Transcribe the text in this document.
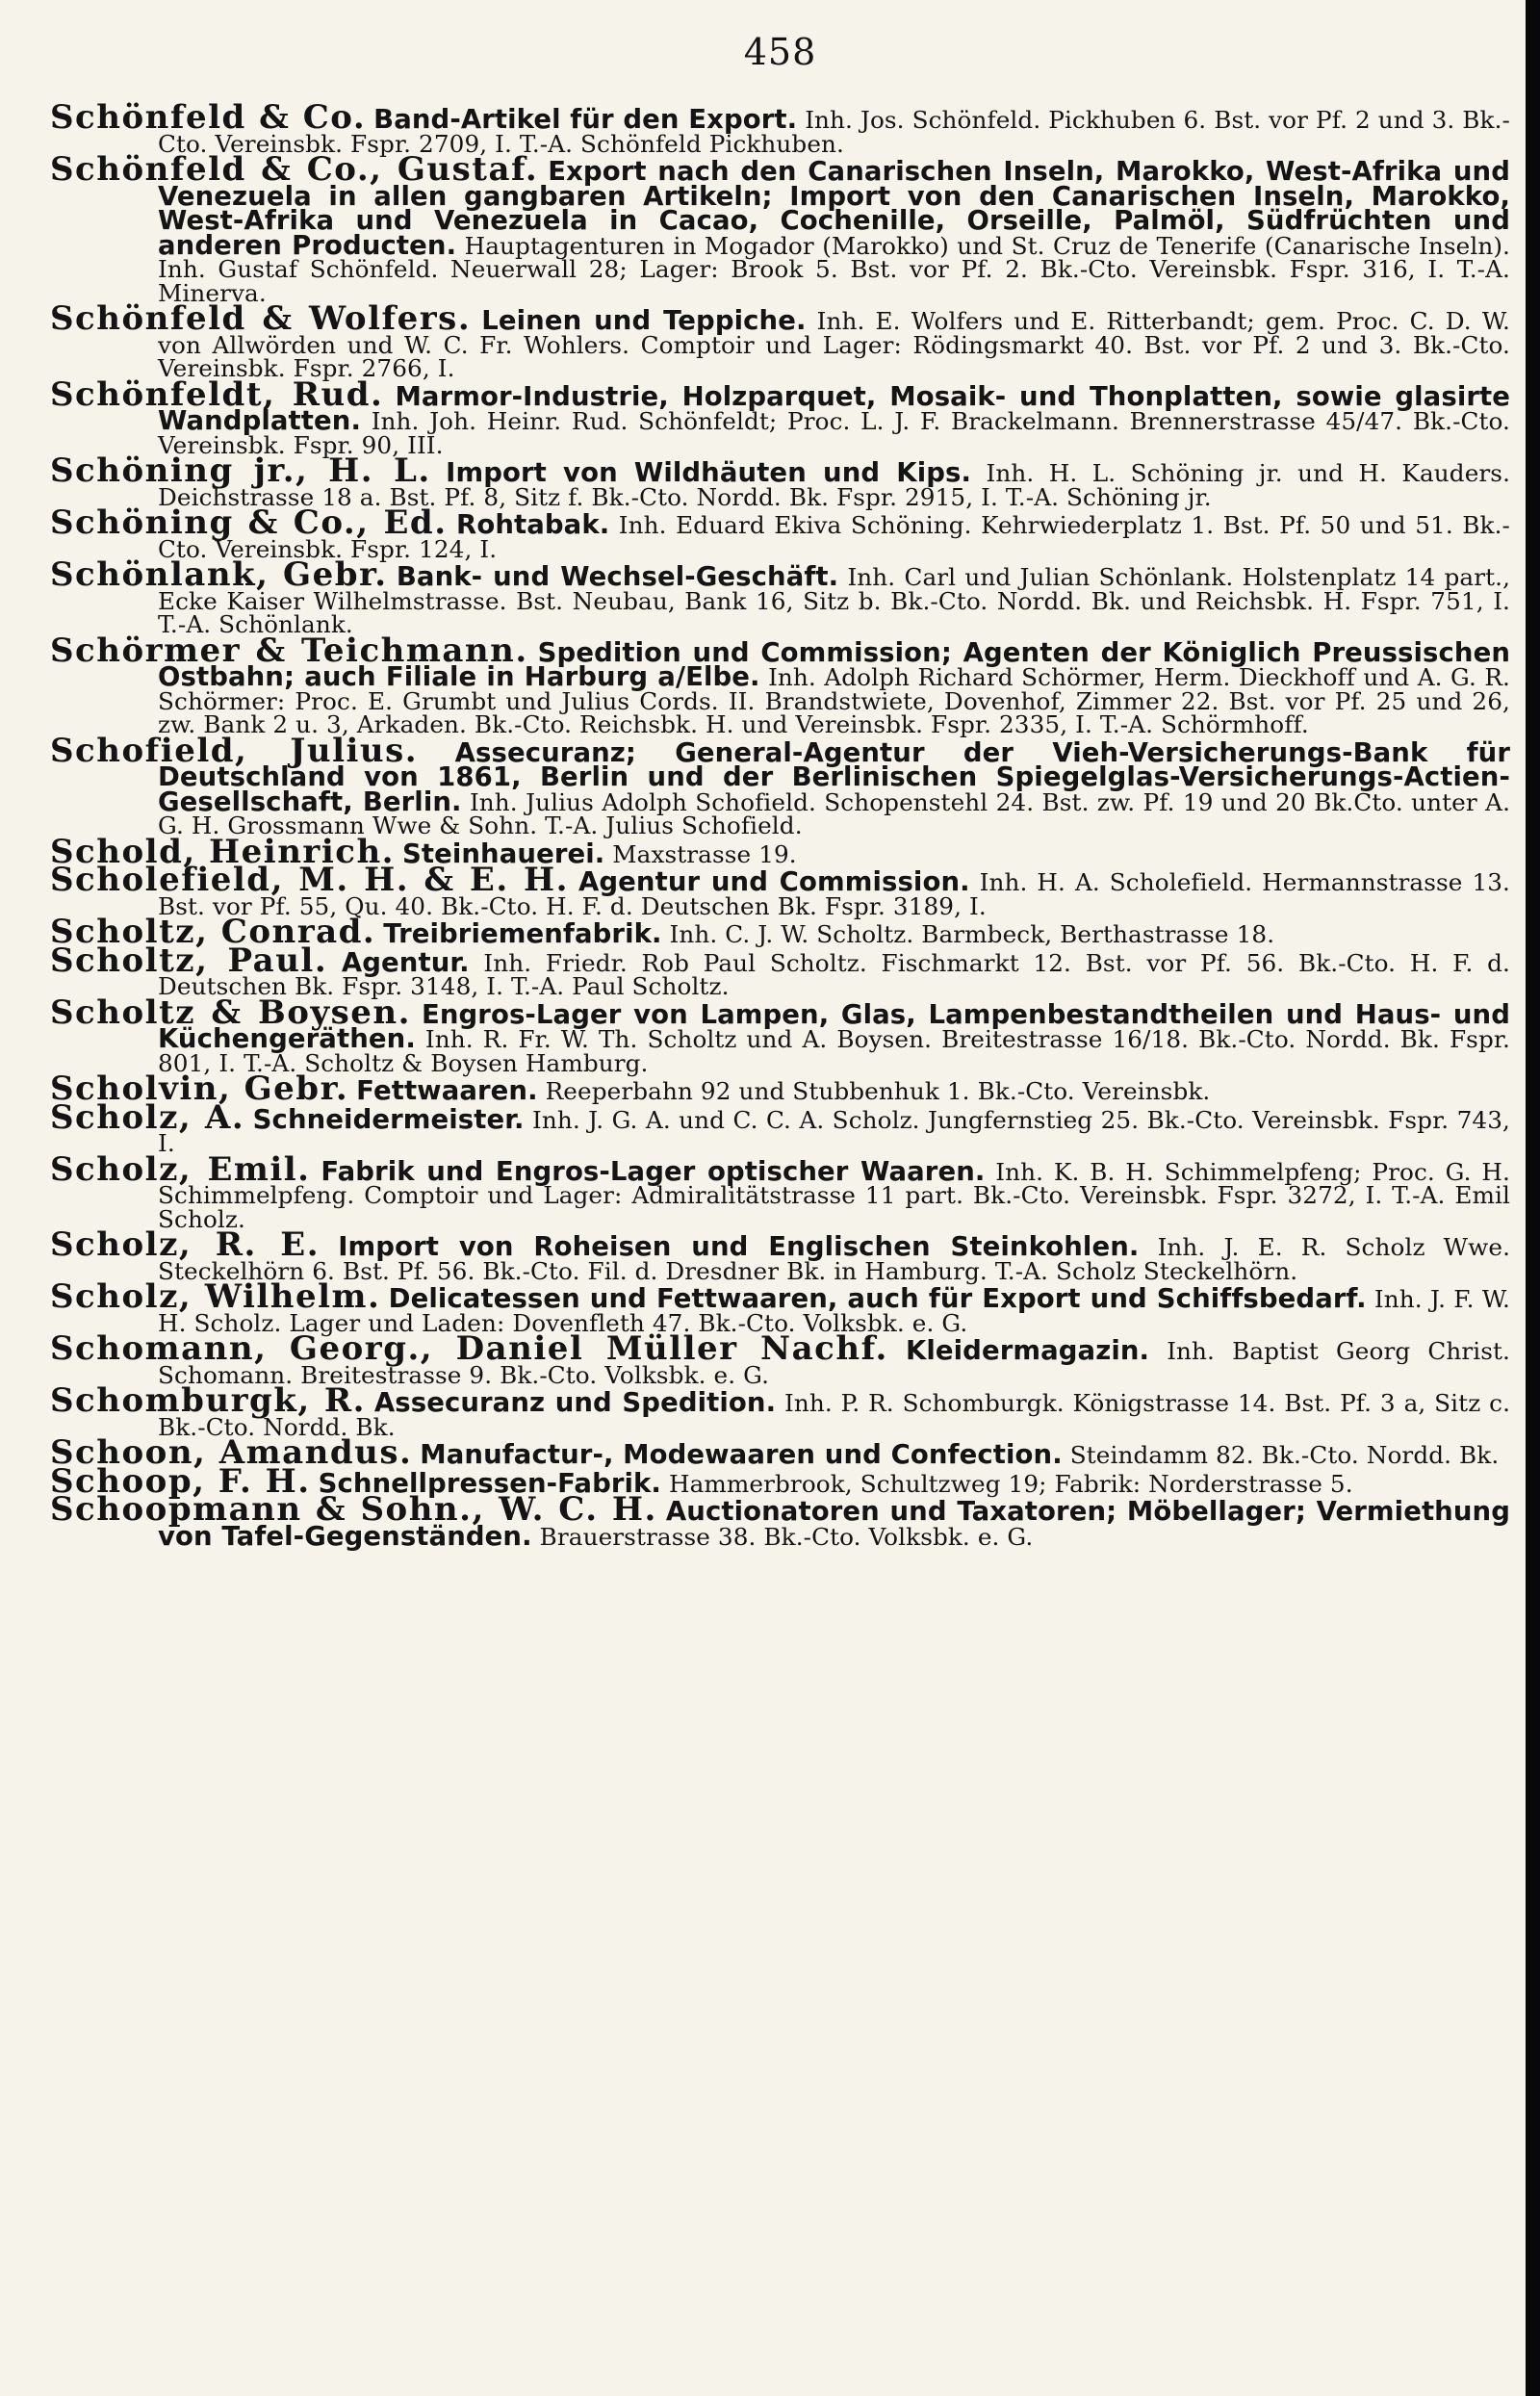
458

Schönfeld & Co. Band-Artikel für den Export. Inh. Jos. Schönfeld. Pickhuben 6. Bst. vor Pf. 2 und 3. Bk.-Cto. Vereinsbk. Fspr. 2709, I. T.-A. Schönfeld Pickhuben.

Schönfeld & Co., Gustaf. Export nach den Canarischen Inseln, Marokko, West-Afrika und Venezuela in allen gangbaren Artikeln; Import von den Canarischen Inseln, Marokko, West-Afrika und Venezuela in Cacao, Cochenille, Orseille, Palmöl, Südfrüchten und anderen Producten. Hauptagenturen in Mogador (Marokko) und St. Cruz de Tenerife (Canarische Inseln). Inh. Gustaf Schönfeld. Neuerwall 28; Lager: Brook 5. Bst. vor Pf. 2. Bk.-Cto. Vereinsbk. Fspr. 316, I. T.-A. Minerva.

Schönfeld & Wolfers. Leinen und Teppiche. Inh. E. Wolfers und E. Ritterbandt; gem. Proc. C. D. W. von Allwörden und W. C. Fr. Wohlers. Comptoir und Lager: Rödingsmarkt 40. Bst. vor Pf. 2 und 3. Bk.-Cto. Vereinsbk. Fspr. 2766, I.

Schönfeldt, Rud. Marmor-Industrie, Holzparquet, Mosaik- und Thonplatten, sowie glasirte Wandplatten. Inh. Joh. Heinr. Rud. Schönfeldt; Proc. L. J. F. Brackelmann. Brennerstrasse 45/47. Bk.-Cto. Vereinsbk. Fspr. 90, III.

Schöning jr., H. L. Import von Wildhäuten und Kips. Inh. H. L. Schöning jr. und H. Kauders. Deichstrasse 18 a. Bst. Pf. 8, Sitz f. Bk.-Cto. Nordd. Bk. Fspr. 2915, I. T.-A. Schöning jr.

Schöning & Co., Ed. Rohtabak. Inh. Eduard Ekiva Schöning. Kehrwiederplatz 1. Bst. Pf. 50 und 51. Bk.-Cto. Vereinsbk. Fspr. 124, I.

Schönlank, Gebr. Bank- und Wechsel-Geschäft. Inh. Carl und Julian Schönlank. Holstenplatz 14 part., Ecke Kaiser Wilhelmstrasse. Bst. Neubau, Bank 16, Sitz b. Bk.-Cto. Nordd. Bk. und Reichsbk. H. Fspr. 751, I. T.-A. Schönlank.

Schörmer & Teichmann. Spedition und Commission; Agenten der Königlich Preussischen Ostbahn; auch Filiale in Harburg a/Elbe. Inh. Adolph Richard Schörmer, Herm. Dieckhoff und A. G. R. Schörmer: Proc. E. Grumbt und Julius Cords. II. Brandstwiete, Dovenhof, Zimmer 22. Bst. vor Pf. 25 und 26, zw. Bank 2 u. 3, Arkaden. Bk.-Cto. Reichsbk. H. und Vereinsbk. Fspr. 2335, I. T.-A. Schörmhoff.

Schofield, Julius. Assecuranz; General-Agentur der Vieh-Versicherungs-Bank für Deutschland von 1861, Berlin und der Berlinischen Spiegelglas-Versicherungs-Actien-Gesellschaft, Berlin. Inh. Julius Adolph Schofield. Schopenstehl 24. Bst. zw. Pf. 19 und 20 Bk.Cto. unter A. G. H. Grossmann Wwe & Sohn. T.-A. Julius Schofield.

Schold, Heinrich. Steinhauerei. Maxstrasse 19.

Scholefield, M. H. & E. H. Agentur und Commission. Inh. H. A. Scholefield. Hermannstrasse 13. Bst. vor Pf. 55, Qu. 40. Bk.-Cto. H. F. d. Deutschen Bk. Fspr. 3189, I.

Scholtz, Conrad. Treibriemenfabrik. Inh. C. J. W. Scholtz. Barmbeck, Berthastrasse 18.

Scholtz, Paul. Agentur. Inh. Friedr. Rob Paul Scholtz. Fischmarkt 12. Bst. vor Pf. 56. Bk.-Cto. H. F. d. Deutschen Bk. Fspr. 3148, I. T.-A. Paul Scholtz.

Scholtz & Boysen. Engros-Lager von Lampen, Glas, Lampenbestandtheilen und Haus- und Küchengeräthen. Inh. R. Fr. W. Th. Scholtz und A. Boysen. Breitestrasse 16/18. Bk.-Cto. Nordd. Bk. Fspr. 801, I. T.-A. Scholtz & Boysen Hamburg.

Scholvin, Gebr. Fettwaaren. Reeperbahn 92 und Stubbenhuk 1. Bk.-Cto. Vereinsbk.

Scholz, A. Schneidermeister. Inh. J. G. A. und C. C. A. Scholz. Jungfernstieg 25. Bk.-Cto. Vereinsbk. Fspr. 743, I.

Scholz, Emil. Fabrik und Engros-Lager optischer Waaren. Inh. K. B. H. Schimmelpfeng; Proc. G. H. Schimmelpfeng. Comptoir und Lager: Admiralitätstrasse 11 part. Bk.-Cto. Vereinsbk. Fspr. 3272, I. T.-A. Emil Scholz.

Scholz, R. E. Import von Roheisen und Englischen Steinkohlen. Inh. J. E. R. Scholz Wwe. Steckelhörn 6. Bst. Pf. 56. Bk.-Cto. Fil. d. Dresdner Bk. in Hamburg. T.-A. Scholz Steckelhörn.

Scholz, Wilhelm. Delicatessen und Fettwaaren, auch für Export und Schiffsbedarf. Inh. J. F. W. H. Scholz. Lager und Laden: Dovenfleth 47. Bk.-Cto. Volksbk. e. G.

Schomann, Georg., Daniel Müller Nachf. Kleidermagazin. Inh. Baptist Georg Christ. Schomann. Breitestrasse 9. Bk.-Cto. Volksbk. e. G.

Schomburgk, R. Assecuranz und Spedition. Inh. P. R. Schomburgk. Königstrasse 14. Bst. Pf. 3 a, Sitz c. Bk.-Cto. Nordd. Bk.

Schoon, Amandus. Manufactur-, Modewaaren und Confection. Steindamm 82. Bk.-Cto. Nordd. Bk.

Schoop, F. H. Schnellpressen-Fabrik. Hammerbrook, Schultzweg 19; Fabrik: Norderstrasse 5.

Schoopmann & Sohn., W. C. H. Auctionatoren und Taxatoren; Möbellager; Vermiethung von Tafel-Gegenständen. Brauerstrasse 38. Bk.-Cto. Volksbk. e. G.
